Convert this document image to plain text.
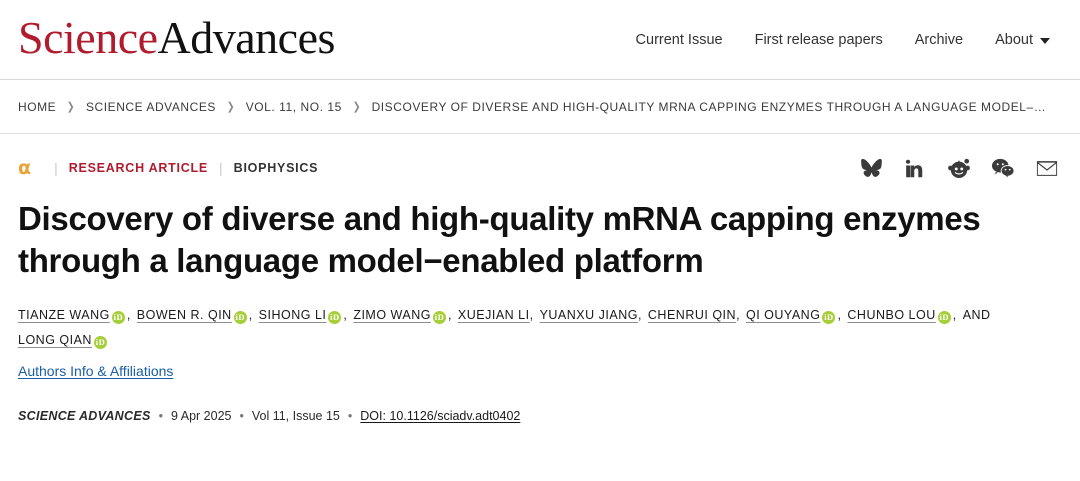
ScienceAdvances	Current Issue First release papers Archive About
HOME ❯ SCIENCE ADVANCES ❯ VOL. 11, NO. 15 ❯ DISCOVERY OF DIVERSE AND HIGH-QUALITY MRNA CAPPING ENZYMES THROUGH A LANGUAGE MODEL–…
⍺ | RESEARCH ARTICLE | BIOPHYSICS
Discovery of diverse and high-quality mRNA capping enzymes through a language model−enabled platform
TIANZE WANG iD , BOWEN R. QIN iD , SIHONG LI iD , ZIMO WANG iD , XUEJIAN LI, YUANXU JIANG, CHENRUI QIN, QI OUYANG iD , CHUNBO LOU iD , AND LONG QIAN iD
Authors Info & Affiliations
SCIENCE ADVANCES • 9 Apr 2025 • Vol 11, Issue 15 • DOI: 10.1126/sciadv.adt0402
